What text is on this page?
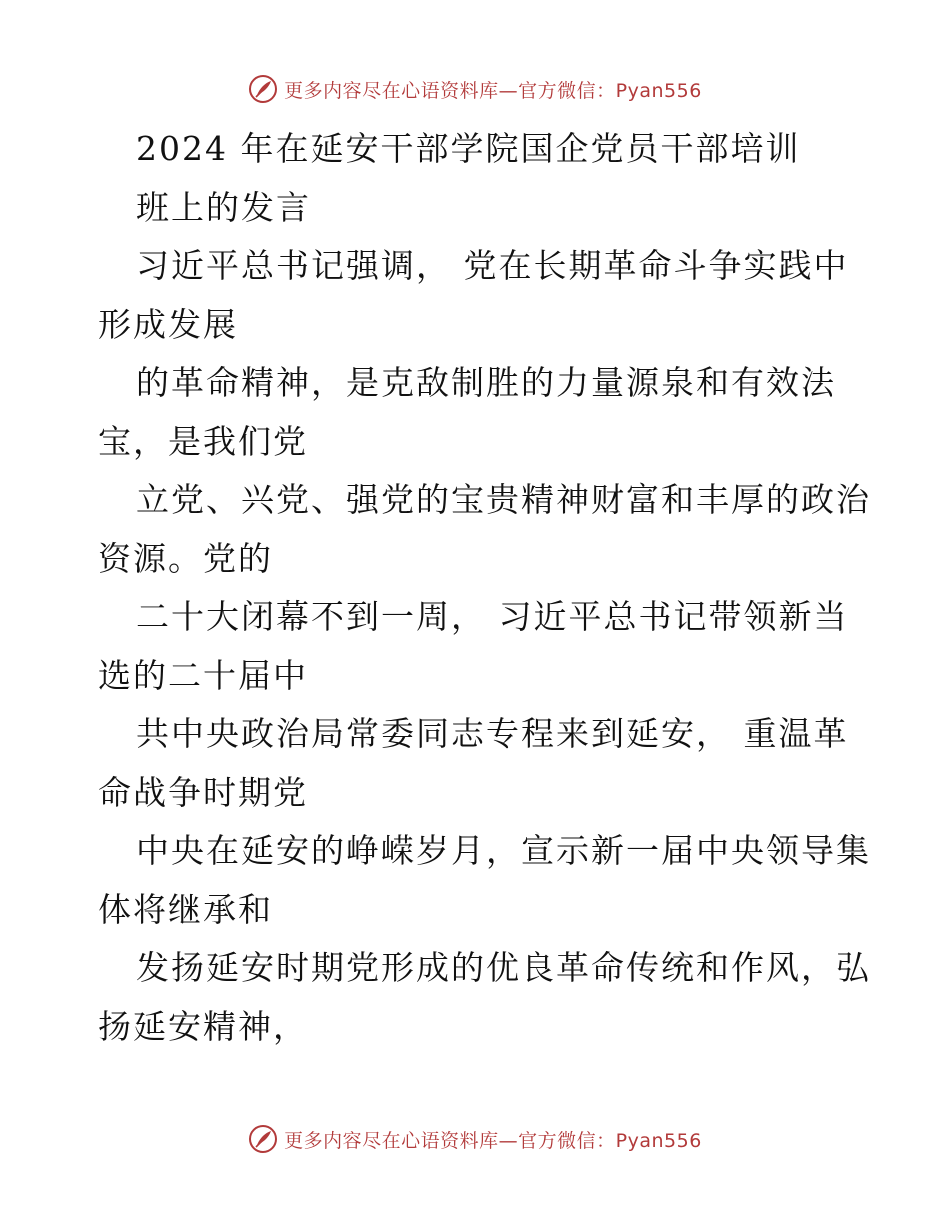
更多内容尽在心语资料库—官方微信：Pyan556
2024 年在延安干部学院国企党员干部培训
班上的发言
习近平总书记强调， 党在长期革命斗争实践中
形成发展
的革命精神，是克敌制胜的力量源泉和有效法
宝，是我们党
立党、兴党、强党的宝贵精神财富和丰厚的政治
资源。党的
二十大闭幕不到一周， 习近平总书记带领新当
选的二十届中
共中央政治局常委同志专程来到延安， 重温革
命战争时期党
中央在延安的峥嵘岁月，宣示新一届中央领导集
体将继承和
发扬延安时期党形成的优良革命传统和作风，弘
扬延安精神，
更多内容尽在心语资料库—官方微信：Pyan556
